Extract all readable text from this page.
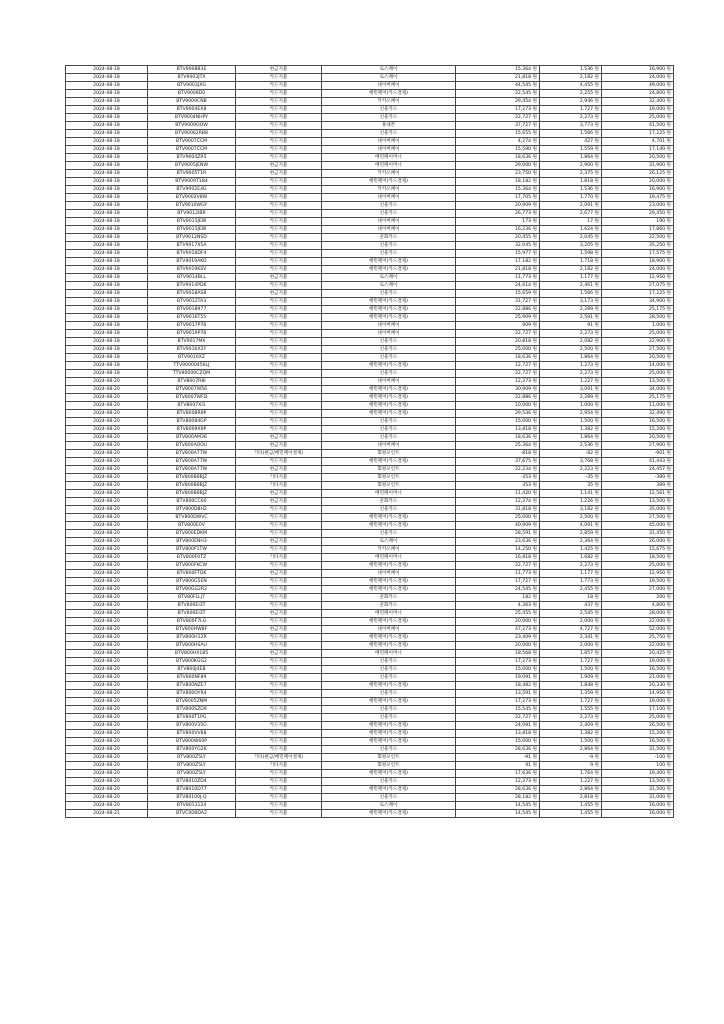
2024-08-18	BTV9008B3E	현금지불	토스페이	15,364 원	1,536 원	16,900 원
2024-08-18	BTV9003JTX	카드지불	토스페이	21,818 원	2,182 원	24,000 원
2024-08-18	BTV9003JXG	카드지불	네이버페이	44,545 원	4,455 원	49,000 원
2024-08-18	BTV9008D0	카드지불	배민페이(카드결제)	22,545 원	2,255 원	24,800 원
2024-08-18	BTV9009CNB	카드지불	카카오페이	29,454 원	2,946 원	32,400 원
2024-08-18	BTV9004EX8	카드지불	신용카드	17,273 원	1,727 원	19,000 원
2024-08-18	BTV9004NHPY	카드지불	신용카드	22,727 원	2,273 원	25,000 원
2024-08-18	BTV9009OOW	카드지불	휴대폰	37,727 원	3,773 원	41,500 원
2024-08-18	BTV90062RB8	카드지불	신용카드	15,655 원	1,566 원	17,225 원
2024-08-18	BTV9007CCM	카드지불	네이버페이	4,274 원	427 원	4,701 원
2024-08-18	BTV9007CCM	카드지불	네이버페이	15,590 원	1,559 원	17,149 원
2024-08-18	BTV9004ZR5	카드지불	배민페이머니	18,636 원	1,864 원	20,500 원
2024-08-18	BTV9005JENW	현금지불	배민페이머니	29,000 원	2,900 원	31,900 원
2024-08-18	BTV9005T1R	현금지불	카카오페이	23,750 원	2,375 원	26,125 원
2024-08-18	BTV9009T1B4	카드지불	배민페이(카드결제)	18,182 원	1,818 원	20,000 원
2024-08-18	BTV9002E4G	카드지불	카카오페이	15,364 원	1,536 원	16,900 원
2024-08-18	BTV9002V8W	카드지불	네이버페이	17,705 원	1,770 원	19,475 원
2024-08-18	BTV9010WGY	카드지불	신용카드	20,909 원	2,091 원	23,000 원
2024-08-18	BTV9012IBR	카드지불	신용카드	26,773 원	2,677 원	29,450 원
2024-08-18	BTV9015JEW	카드지불	네이버페이	173 원	17 원	190 원
2024-08-18	BTV9015JEW	카드지불	네이버페이	16,236 원	1,624 원	17,860 원
2024-08-18	BTV9012NSD	카드지불	문화카드	20,455 원	2,045 원	22,500 원
2024-08-18	BTV9017X5A	카드지불	신용카드	32,045 원	3,205 원	35,250 원
2024-08-18	BTV9018DF4	카드지불	신용카드	15,977 원	1,598 원	17,575 원
2024-08-18	BTV9019AKO	카드지불	배민페이(카드결제)	17,182 원	1,718 원	18,900 원
2024-08-18	BTV9019KSV	카드지불	배민페이(카드결제)	21,818 원	2,182 원	24,000 원
2024-08-18	BTV9014BLL	현금지불	토스페이	11,773 원	1,177 원	12,950 원
2024-08-18	BTV9014PDK	카드지불	토스페이	24,614 원	2,461 원	27,075 원
2024-08-18	BTV9018AS8	현금지불	신용카드	15,659 원	1,566 원	17,225 원
2024-08-18	BTV9012TA3	카드지불	배민페이(카드결제)	31,727 원	3,173 원	34,900 원
2024-08-18	BTV9018977	카드지불	배민페이(카드결제)	22,886 원	2,289 원	25,175 원
2024-08-18	BTV9016T55	카드지불	배민페이(카드결제)	25,909 원	2,591 원	28,500 원
2024-08-18	BTV9017P78	카드지불	네이버페이	909 원	91 원	1,000 원
2024-08-18	BTV9019P78	카드지불	네이버페이	22,727 원	2,273 원	25,000 원
2024-08-18	BTV9017MX	카드지불	신용카드	20,818 원	2,082 원	22,900 원
2024-08-18	BTV9016X2Y	카드지불	신용카드	25,000 원	2,500 원	27,500 원
2024-08-18	BTV9016XZ	카드지불	신용카드	18,636 원	1,864 원	20,500 원
2024-08-18	TTV90000456LJ	카드지불	배민페이(카드결제)	12,727 원	1,273 원	14,000 원
2024-08-18	TTV90000CZQM	카드지불	신용카드	22,727 원	2,273 원	25,000 원
2024-08-20	BTV8007R8I	카드지불	네이버페이	12,273 원	1,227 원	13,500 원
2024-08-20	BTV8007W56	카드지불	배민페이(카드결제)	30,909 원	3,091 원	34,000 원
2024-08-20	BTV8007WFD	카드지불	배민페이(카드결제)	22,886 원	2,289 원	25,175 원
2024-08-20	BTV8007XI1	카드지불	배민페이(카드결제)	10,000 원	1,000 원	11,000 원
2024-08-20	BTV8008R9P	카드지불	배민페이(카드결제)	29,536 원	2,954 원	32,490 원
2024-08-20	BTV80084GP	카드지불	신용카드	15,000 원	1,500 원	16,500 원
2024-08-20	BTV8009X9P	카드지불	신용카드	13,818 원	1,382 원	15,200 원
2024-08-20	BTV800AM36	현금지불	신용카드	18,636 원	1,864 원	20,500 원
2024-08-20	BTV800AOOU	현금지불	네이버페이	25,364 원	2,536 원	27,900 원
2024-08-20	BTV800A77W	기타(현금/배민페이결제)	회원포인트	-818 원	-82 원	-901 원
2024-08-20	BTV800A77W	카드지불	배민페이(카드결제)	37,675 원	3,768 원	41,443 원
2024-08-20	BTV800A77W	현금지불	회원포인트	22,234 원	2,223 원	24,457 원
2024-08-20	BTV800B8BJZ	기타지불	회원포인트	-353 원	-35 원	-389 원
2024-08-20	BTV800B8BJZ	기타지불	회원포인트	353 원	35 원	389 원
2024-08-20	BTV800B8BJZ	현금지불	배민페이머니	11,420 원	1,141 원	12,561 원
2024-08-20	BTV800CC60	현금지불	문화카드	12,274 원	1,226 원	13,500 원
2024-08-20	BTV800D8H2	카드지불	신용카드	31,818 원	3,182 원	35,000 원
2024-08-20	BTV800DWVC	카드지불	배민페이(카드결제)	25,000 원	2,500 원	27,500 원
2024-08-20	BTV800E0V	카드지불	배민페이(카드결제)	40,909 원	4,091 원	45,000 원
2024-08-20	BTV800EDKM	카드지불	신용카드	28,591 원	2,859 원	31,450 원
2024-08-20	BTV800ENH3	현금지불	토스페이	23,636 원	2,364 원	26,000 원
2024-08-20	BTV800F1TW	카드지불	카카오페이	14,250 원	1,425 원	15,675 원
2024-08-20	BTV800F0TZ	기타지불	배민페이머니	16,818 원	1,682 원	18,500 원
2024-08-20	BTV800FKCW	카드지불	배민페이(카드결제)	22,727 원	2,273 원	25,000 원
2024-08-20	BTV800FTQK	현금지불	네이버페이	11,773 원	1,177 원	12,950 원
2024-08-20	BTV800G5EN	카드지불	배민페이(카드결제)	17,727 원	1,773 원	19,500 원
2024-08-20	BTV80GG2R2	카드지불	배민페이(카드결제)	24,545 원	2,455 원	27,000 원
2024-08-20	BTV80FLLJ7	카드지불	문화카드	182 원	18 원	200 원
2024-08-20	BTV800EI3T	카드지불	문화카드	4,363 원	437 원	4,800 원
2024-08-20	BTV800EI3T	현금지불	배민페이머니	25,455 원	2,545 원	28,000 원
2024-08-20	BTV800F7LG	카드지불	배민페이(카드결제)	20,000 원	2,000 원	22,000 원
2024-08-20	BTV800HW8F	현금지불	네이버페이	47,273 원	4,727 원	52,000 원
2024-08-20	BTV800H12R	카드지불	배민페이(카드결제)	23,409 원	2,341 원	25,750 원
2024-08-20	BTV800HSAU	카드지불	배민페이(카드결제)	20,000 원	2,000 원	22,000 원
2024-08-20	BTV800HX185	현금지불	배민페이머니	18,568 원	1,857 원	20,425 원
2024-08-20	BTV800KGG2	카드지불	신용카드	17,273 원	1,727 원	19,000 원
2024-08-20	BTV800J4EB	카드지불	신용카드	15,000 원	1,500 원	16,500 원
2024-08-20	BTV800NF89	카드지불	신용카드	19,091 원	1,909 원	21,000 원
2024-08-20	BTV800NZE7	카드지불	배민페이(카드결제)	18,482 원	1,848 원	20,330 원
2024-08-20	BTV800OYR4	카드지불	신용카드	13,591 원	1,359 원	14,950 원
2024-08-20	BTV8005ZNM	카드지불	배민페이(카드결제)	17,273 원	1,727 원	19,000 원
2024-08-20	BTV800SZD9	카드지불	신용카드	15,545 원	1,555 원	17,100 원
2024-08-20	BTV800T1PG	카드지불	신용카드	22,727 원	2,273 원	25,000 원
2024-08-20	BTV800V35G	카드지불	배민페이(카드결제)	24,091 원	2,409 원	26,500 원
2024-08-20	BTV800VV88	카드지불	배민페이(카드결제)	13,818 원	1,382 원	15,200 원
2024-08-20	BTV800W60P	카드지불	배민페이(카드결제)	15,000 원	1,500 원	16,500 원
2024-08-20	BTV800YG2K	카드지불	신용카드	28,636 원	2,864 원	31,500 원
2024-08-20	BTV800Z5LY	기타(현금/배민페이결제)	회원포인트	-91 원	-9 원	-100 원
2024-08-20	BTV800Z5LY	기타지불	회원포인트	91 원	9 원	100 원
2024-08-20	BTV800Z5LY	카드지불	배민페이(카드결제)	17,636 원	1,764 원	19,400 원
2024-08-20	BTV8010ZD4	카드지불	신용카드	12,273 원	1,227 원	13,500 원
2024-08-20	BTV8010D77	카드지불	배민페이(카드결제)	28,636 원	2,864 원	31,500 원
2024-08-20	BTV80100J-Q	카드지불	신용카드	28,182 원	2,818 원	31,000 원
2024-08-20	BTV8013124	카드지불	토스페이	14,545 원	1,455 원	16,000 원
2024-08-21	BTVC00BDA2	카드지불	배민페이(카드결제)	14,545 원	1,455 원	16,000 원
